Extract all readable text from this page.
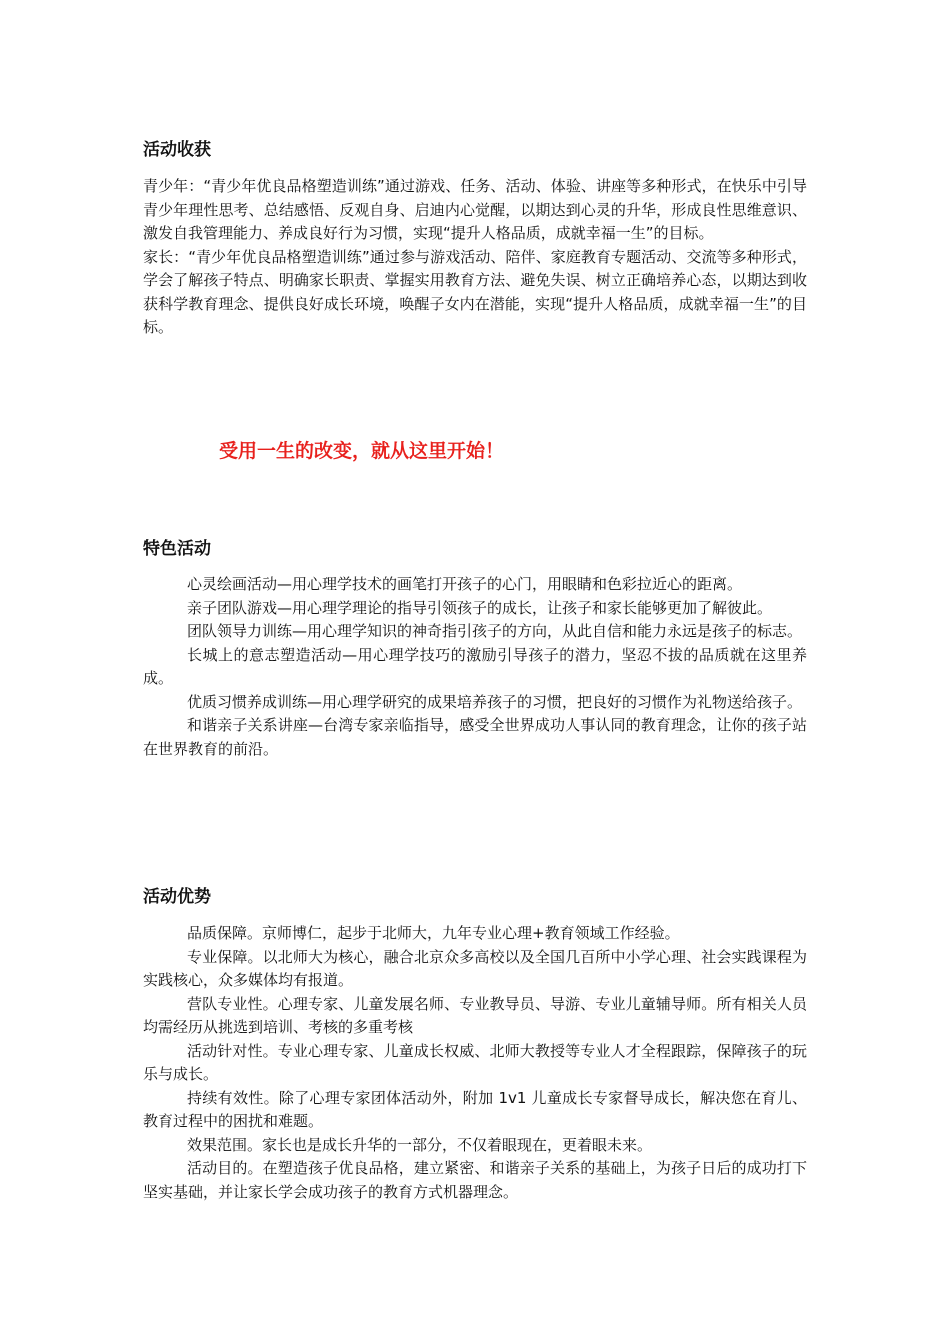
活动收获

青少年：“青少年优良品格塑造训练”通过游戏、任务、活动、体验、讲座等多种形式，在快乐中引导青少年理性思考、总结感悟、反观自身、启迪内心觉醒，以期达到心灵的升华，形成良性思维意识、激发自我管理能力、养成良好行为习惯，实现“提升人格品质，成就幸福一生”的目标。

家长：“青少年优良品格塑造训练”通过参与游戏活动、陪伴、家庭教育专题活动、交流等多种形式，学会了解孩子特点、明确家长职责、掌握实用教育方法、避免失误、树立正确培养心态，以期达到收获科学教育理念、提供良好成长环境，唤醒子女内在潜能，实现“提升人格品质，成就幸福一生”的目标。

受用一生的改变，就从这里开始！
特色活动

心灵绘画活动—用心理学技术的画笔打开孩子的心门，用眼睛和色彩拉近心的距离。

亲子团队游戏—用心理学理论的指导引领孩子的成长，让孩子和家长能够更加了解彼此。

团队领导力训练—用心理学知识的神奇指引孩子的方向，从此自信和能力永远是孩子的标志。

长城上的意志塑造活动—用心理学技巧的激励引导孩子的潜力，坚忍不拔的品质就在这里养成。

优质习惯养成训练—用心理学研究的成果培养孩子的习惯，把良好的习惯作为礼物送给孩子。

和谐亲子关系讲座—台湾专家亲临指导，感受全世界成功人事认同的教育理念，让你的孩子站在世界教育的前沿。

活动优势

品质保障。京师博仁，起步于北师大，九年专业心理+教育领域工作经验。

专业保障。以北师大为核心，融合北京众多高校以及全国几百所中小学心理、社会实践课程为实践核心，众多媒体均有报道。

营队专业性。心理专家、儿童发展名师、专业教导员、导游、专业儿童辅导师。所有相关人员均需经历从挑选到培训、考核的多重考核

活动针对性。专业心理专家、儿童成长权威、北师大教授等专业人才全程跟踪，保障孩子的玩乐与成长。

持续有效性。除了心理专家团体活动外，附加 1v1 儿童成长专家督导成长，解决您在育儿、教育过程中的困扰和难题。

效果范围。家长也是成长升华的一部分，不仅着眼现在，更着眼未来。

活动目的。在塑造孩子优良品格，建立紧密、和谐亲子关系的基础上，为孩子日后的成功打下坚实基础，并让家长学会成功孩子的教育方式机器理念。
